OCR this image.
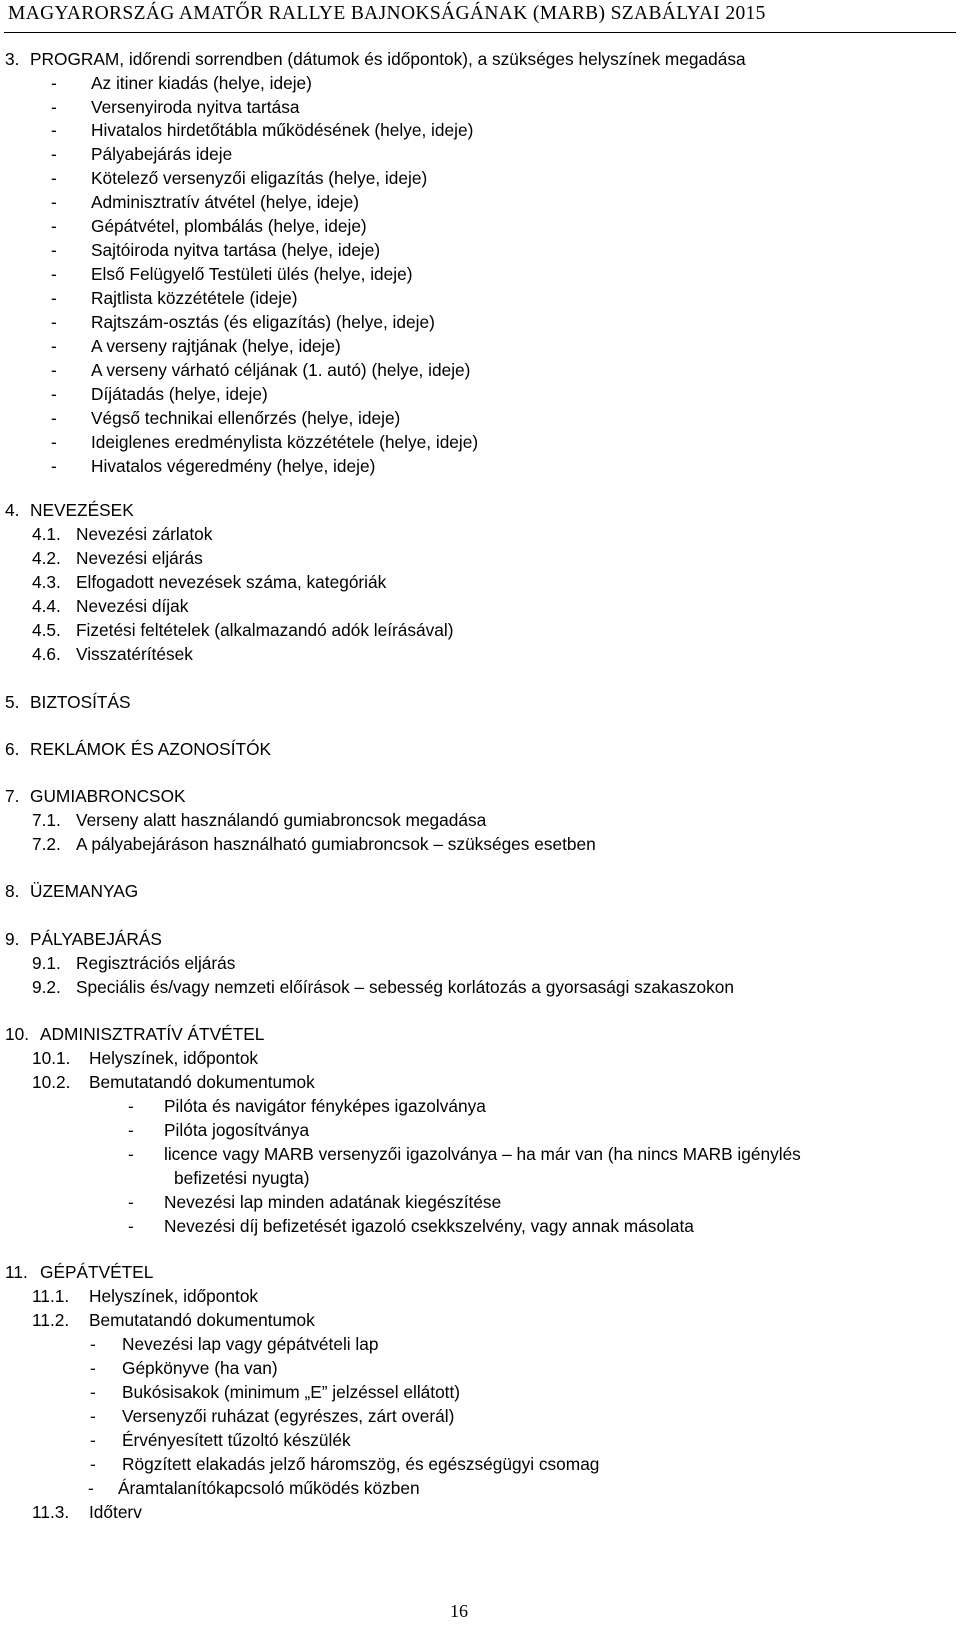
MAGYARORSZÁG AMATŐR RALLYE BAJNOKSÁGÁNAK (MARB) SZABÁLYAI 2015
3. PROGRAM, időrendi sorrendben (dátumok és időpontok), a szükséges helyszínek megadása
- Az itiner kiadás (helye, ideje)
- Versenyiroda nyitva tartása
- Hivatalos hirdetőtábla működésének (helye, ideje)
- Pályabejárás ideje
- Kötelező versenyzői eligazítás (helye, ideje)
- Adminisztratív átvétel (helye, ideje)
- Gépátvétel, plombálás (helye, ideje)
- Sajtóiroda nyitva tartása (helye, ideje)
- Első Felügyelő Testületi ülés (helye, ideje)
- Rajtlista közzététele (ideje)
- Rajtszám-osztás (és eligazítás) (helye, ideje)
- A verseny rajtjának (helye, ideje)
- A verseny várható céljának (1. autó) (helye, ideje)
- Díjátadás (helye, ideje)
- Végső technikai ellenőrzés (helye, ideje)
- Ideiglenes eredménylista közzététele (helye, ideje)
- Hivatalos végeredmény (helye, ideje)
4. NEVEZÉSEK
4.1. Nevezési zárlatok
4.2. Nevezési eljárás
4.3. Elfogadott nevezések száma, kategóriák
4.4. Nevezési díjak
4.5. Fizetési feltételek (alkalmazandó adók leírásával)
4.6. Visszatérítések
5. BIZTOSÍTÁS
6. REKLÁMOK ÉS AZONOSÍTÓK
7. GUMIABRONCSOK
7.1. Verseny alatt használandó gumiabroncsok megadása
7.2. A pályabejáráson használható gumiabroncsok – szükséges esetben
8. ÜZEMANYAG
9. PÁLYABEJÁRÁS
9.1. Regisztrációs eljárás
9.2. Speciális és/vagy nemzeti előírások – sebesség korlátozás a gyorsasági szakaszokon
10. ADMINISZTRATÍV ÁTVÉTEL
10.1. Helyszínek, időpontok
10.2. Bemutatandó dokumentumok
- Pilóta és navigátor fényképes igazolványa
- Pilóta jogosítványa
- licence vagy MARB versenyzői igazolványa – ha már van (ha nincs MARB igénylés
befizetési nyugta)
- Nevezési lap minden adatának kiegészítése
- Nevezési díj befizetését igazoló csekkszelvény, vagy annak másolata
11. GÉPÁTVÉTEL
11.1. Helyszínek, időpontok
11.2. Bemutatandó dokumentumok
- Nevezési lap vagy gépátvételi lap
- Gépkönyve (ha van)
- Bukósisakok (minimum „E” jelzéssel ellátott)
- Versenyzői ruházat (egyrészes, zárt overál)
- Érvényesített tűzoltó készülék
- Rögzített elakadás jelző háromszög, és egészségügyi csomag
- Áramtalanítókapcsoló működés közben
11.3. Időterv
16
